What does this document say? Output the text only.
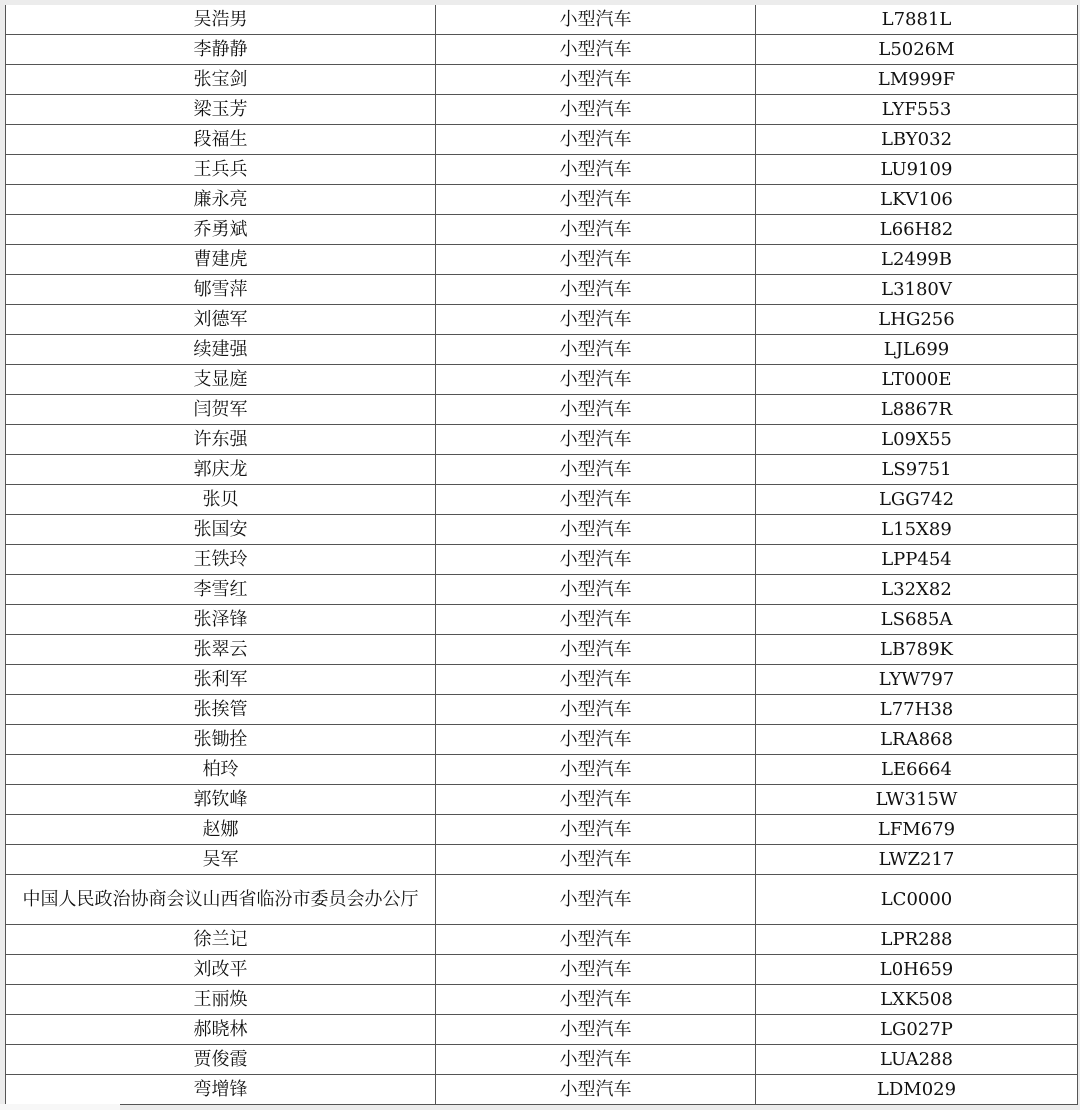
吴浩男	小型汽车	L7881L
李静静	小型汽车	L5026M
张宝剑	小型汽车	LM999F
梁玉芳	小型汽车	LYF553
段福生	小型汽车	LBY032
王兵兵	小型汽车	LU9109
廉永亮	小型汽车	LKV106
乔勇斌	小型汽车	L66H82
曹建虎	小型汽车	L2499B
郇雪萍	小型汽车	L3180V
刘德军	小型汽车	LHG256
续建强	小型汽车	LJL699
支显庭	小型汽车	LT000E
闫贺军	小型汽车	L8867R
许东强	小型汽车	L09X55
郭庆龙	小型汽车	LS9751
张贝	小型汽车	LGG742
张国安	小型汽车	L15X89
王铁玲	小型汽车	LPP454
李雪红	小型汽车	L32X82
张泽锋	小型汽车	LS685A
张翠云	小型汽车	LB789K
张利军	小型汽车	LYW797
张挨管	小型汽车	L77H38
张锄拴	小型汽车	LRA868
柏玲	小型汽车	LE6664
郭钦峰	小型汽车	LW315W
赵娜	小型汽车	LFM679
吴军	小型汽车	LWZ217
中国人民政治协商会议山西省临汾市委员会办公厅	小型汽车	LC0000
徐兰记	小型汽车	LPR288
刘改平	小型汽车	L0H659
王丽焕	小型汽车	LXK508
郝晓林	小型汽车	LG027P
贾俊霞	小型汽车	LUA288
弯增锋	小型汽车	LDM029
